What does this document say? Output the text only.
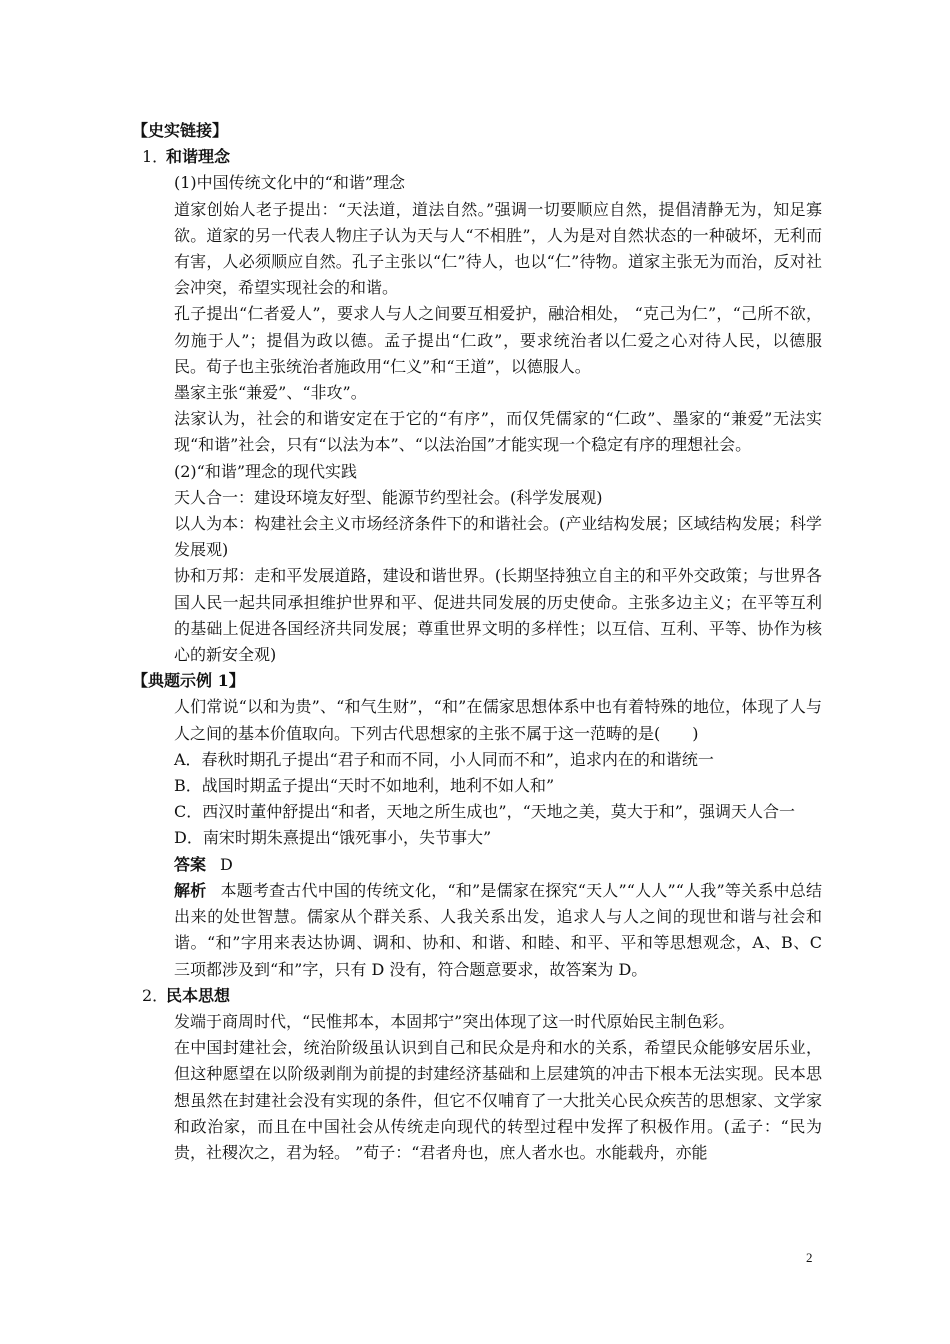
【史实链接】
1．和谐理念
(1)中国传统文化中的“和谐”理念
道家创始人老子提出：“天法道，道法自然。”强调一切要顺应自然，提倡清静无为，知足寡欲。道家的另一代表人物庄子认为天与人“不相胜”，人为是对自然状态的一种破坏，无利而有害，人必须顺应自然。孔子主张以“仁”待人，也以“仁”待物。道家主张无为而治，反对社会冲突，希望实现社会的和谐。
孔子提出“仁者爱人”，要求人与人之间要互相爱护，融洽相处， “克己为仁”，“己所不欲，勿施于人”；提倡为政以德。孟子提出“仁政”，要求统治者以仁爱之心对待人民，以德服民。荀子也主张统治者施政用“仁义”和“王道”，以德服人。
墨家主张“兼爱”、“非攻”。
法家认为，社会的和谐安定在于它的“有序”，而仅凭儒家的“仁政”、墨家的“兼爱”无法实现“和谐”社会，只有“以法为本”、“以法治国”才能实现一个稳定有序的理想社会。
(2)“和谐”理念的现代实践
天人合一：建设环境友好型、能源节约型社会。(科学发展观)
以人为本：构建社会主义市场经济条件下的和谐社会。(产业结构发展；区域结构发展；科学发展观)
协和万邦：走和平发展道路，建设和谐世界。(长期坚持独立自主的和平外交政策；与世界各国人民一起共同承担维护世界和平、促进共同发展的历史使命。主张多边主义；在平等互利的基础上促进各国经济共同发展；尊重世界文明的多样性；以互信、互利、平等、协作为核心的新安全观)
【典题示例 1】
人们常说“以和为贵”、“和气生财”，“和”在儒家思想体系中也有着特殊的地位，体现了人与人之间的基本价值取向。下列古代思想家的主张不属于这一范畴的是(　　)
A．春秋时期孔子提出“君子和而不同，小人同而不和”，追求内在的和谐统一
B．战国时期孟子提出“天时不如地利，地利不如人和”
C．西汉时董仲舒提出“和者，天地之所生成也”，“天地之美，莫大于和”，强调天人合一
D．南宋时期朱熹提出“饿死事小，失节事大”
答案 D
解析 本题考查古代中国的传统文化，“和”是儒家在探究“天人”“人人”“人我”等关系中总结出来的处世智慧。儒家从个群关系、人我关系出发，追求人与人之间的现世和谐与社会和谐。“和”字用来表达协调、调和、协和、和谐、和睦、和平、平和等思想观念，A、B、C 三项都涉及到“和”字，只有 D 没有，符合题意要求，故答案为 D。
2．民本思想
发端于商周时代，“民惟邦本，本固邦宁”突出体现了这一时代原始民主制色彩。
在中国封建社会，统治阶级虽认识到自己和民众是舟和水的关系，希望民众能够安居乐业，但这种愿望在以阶级剥削为前提的封建经济基础和上层建筑的冲击下根本无法实现。民本思想虽然在封建社会没有实现的条件，但它不仅哺育了一大批关心民众疾苦的思想家、文学家和政治家，而且在中国社会从传统走向现代的转型过程中发挥了积极作用。(孟子：“民为贵，社稷次之，君为轻。 ”荀子：“君者舟也，庶人者水也。水能载舟，亦能
2
